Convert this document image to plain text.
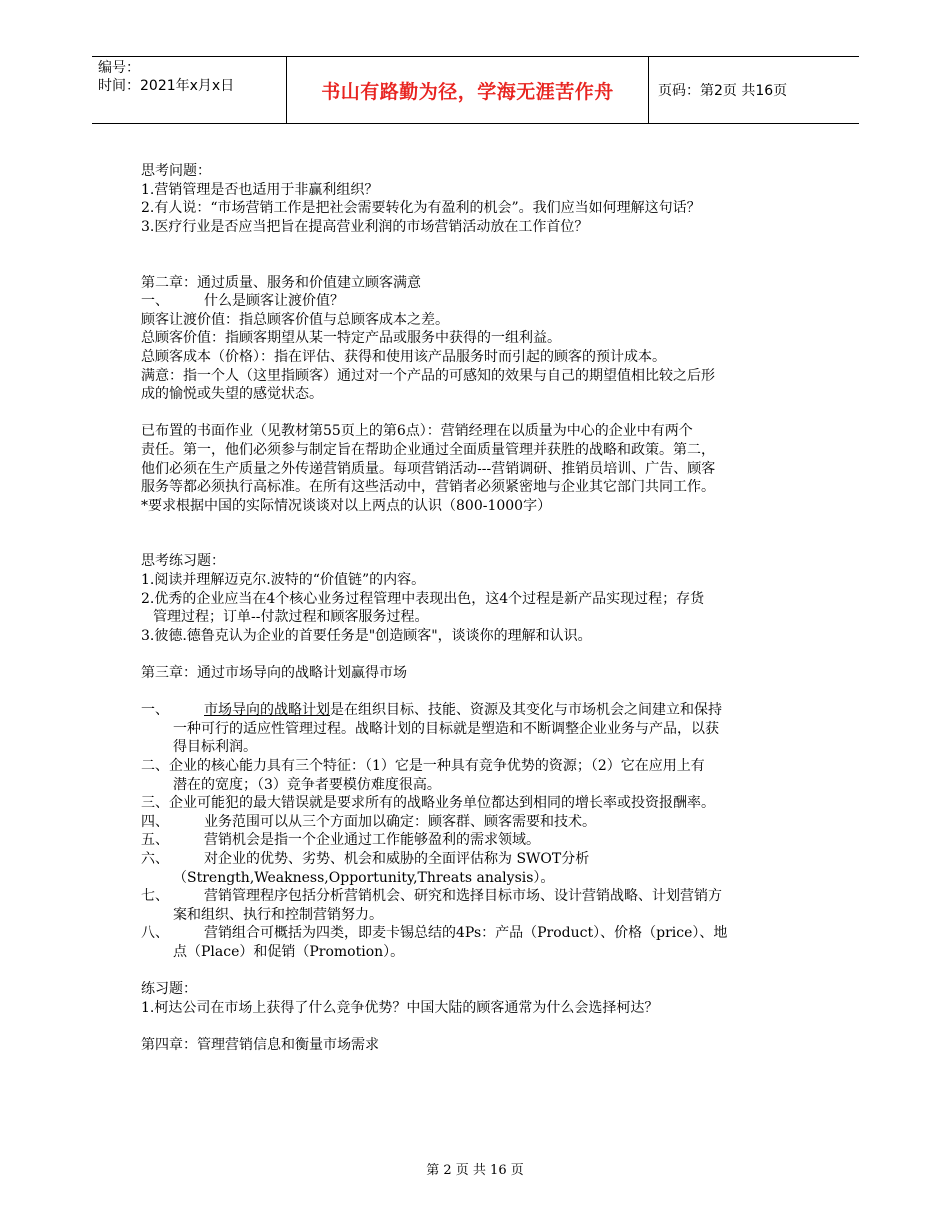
编号：
时间：2021年x月x日	书山有路勤为径，学海无涯苦作舟	页码：第2页 共16页

思考问题：

1.营销管理是否也适用于非赢利组织？

2.有人说：“市场营销工作是把社会需要转化为有盈利的机会”。我们应当如何理解这句话？

3.医疗行业是否应当把旨在提高营业利润的市场营销活动放在工作首位？

第二章：通过质量、服务和价值建立顾客满意

一、	什么是顾客让渡价值？

顾客让渡价值：指总顾客价值与总顾客成本之差。

总顾客价值：指顾客期望从某一特定产品或服务中获得的一组利益。

总顾客成本（价格）：指在评估、获得和使用该产品服务时而引起的顾客的预计成本。

满意：指一个人（这里指顾客）通过对一个产品的可感知的效果与自己的期望值相比较之后形

成的愉悦或失望的感觉状态。

已布置的书面作业（见教材第55页上的第6点）：营销经理在以质量为中心的企业中有两个

责任。第一，他们必须参与制定旨在帮助企业通过全面质量管理并获胜的战略和政策。第二，

他们必须在生产质量之外传递营销质量。每项营销活动---营销调研、推销员培训、广告、顾客

服务等都必须执行高标准。在所有这些活动中，营销者必须紧密地与企业其它部门共同工作。

*要求根据中国的实际情况谈谈对以上两点的认识（800-1000字）

思考练习题：

1.阅读并理解迈克尔.波特的“价值链”的内容。

2.优秀的企业应当在4个核心业务过程管理中表现出色，这4个过程是新产品实现过程；存货

管理过程；订单--付款过程和顾客服务过程。

3.彼德.德鲁克认为企业的首要任务是"创造顾客"，谈谈你的理解和认识。

第三章：通过市场导向的战略计划赢得市场

一、	市场导向的战略计划是在组织目标、技能、资源及其变化与市场机会之间建立和保持

一种可行的适应性管理过程。战略计划的目标就是塑造和不断调整企业业务与产品，以获

得目标利润。

二、企业的核心能力具有三个特征：（1）它是一种具有竞争优势的资源；（2）它在应用上有

潜在的宽度；（3）竞争者要模仿难度很高。

三、企业可能犯的最大错误就是要求所有的战略业务单位都达到相同的增长率或投资报酬率。

四、	业务范围可以从三个方面加以确定：顾客群、顾客需要和技术。

五、	营销机会是指一个企业通过工作能够盈利的需求领域。

六、	对企业的优势、劣势、机会和威胁的全面评估称为 SWOT分析

（Strength,Weakness,Opportunity,Threats analysis）。

七、	营销管理程序包括分析营销机会、研究和选择目标市场、设计营销战略、计划营销方

案和组织、执行和控制营销努力。

八、	营销组合可概括为四类，即麦卡锡总结的4Ps：产品（Product）、价格（price）、地

点（Place）和促销（Promotion）。

练习题：

1.柯达公司在市场上获得了什么竞争优势？中国大陆的顾客通常为什么会选择柯达？

第四章：管理营销信息和衡量市场需求

第 2 页 共 16 页
